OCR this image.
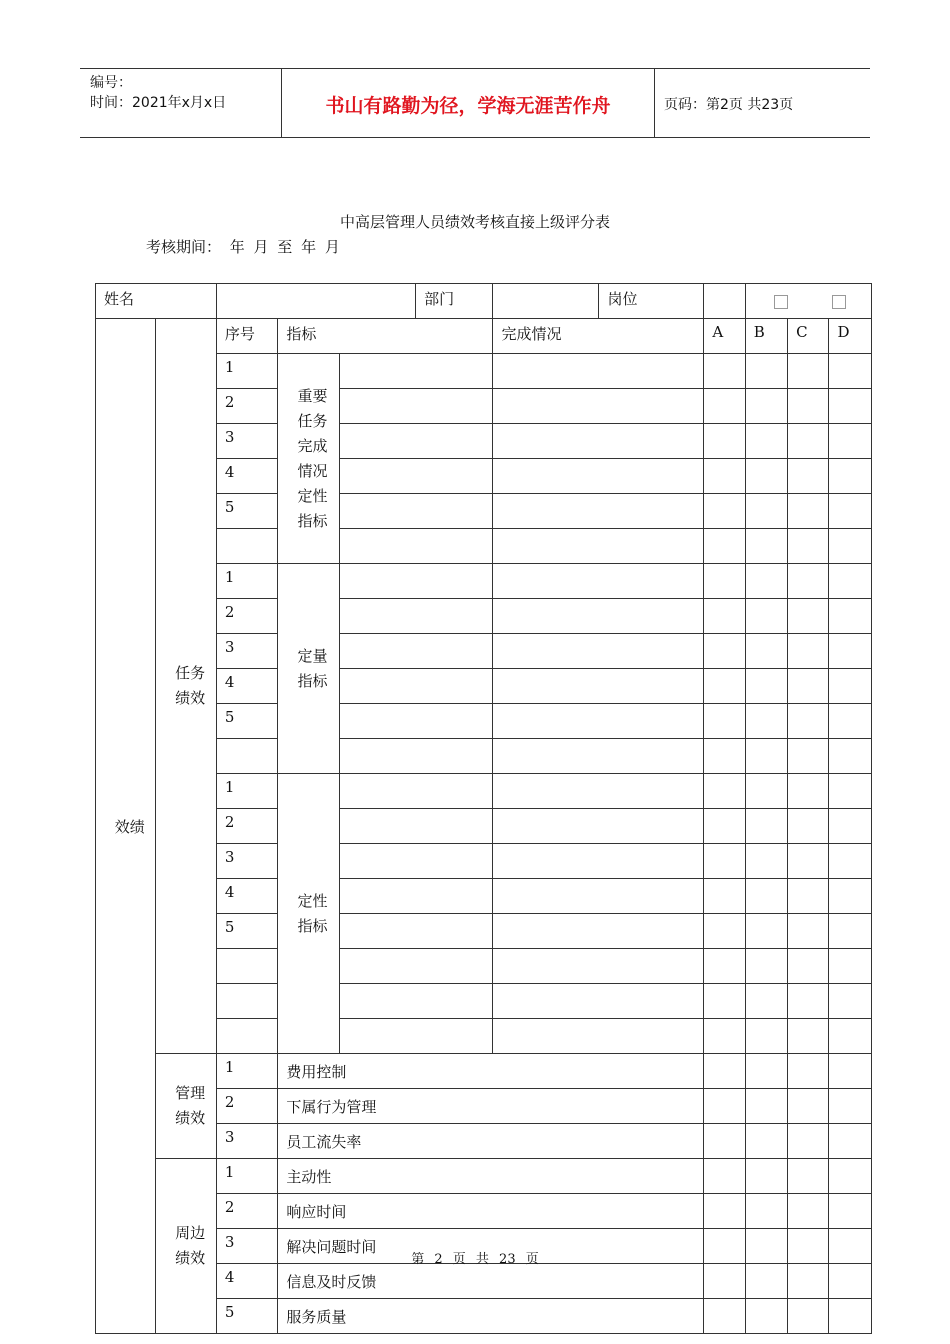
编号：
时间：2021年x月x日	书山有路勤为径，学海无涯苦作舟	页码：第2页 共23页
中高层管理人员绩效考核直接上级评分表
考核期间： 年 月 至 年 月
姓名					部门		岗位				
效绩	任务绩效	序号	指标			完成情况		A	B	C	D
		1	重要任务完成情况定性指标								
		2									
		3									
		4									
		5									

		1	定量指标								
		2									
		3									
		4									
		5									

		1	定性指标								
		2									
		3									
		4									
		5									

	管理绩效	1	费用控制								
		2	下属行为管理								
		3	员工流失率								
	周边绩效	1	主动性								
		2	响应时间								
		3	解决问题时间								
		4	信息及时反馈								
		5	服务质量								
第 2 页 共 23 页
